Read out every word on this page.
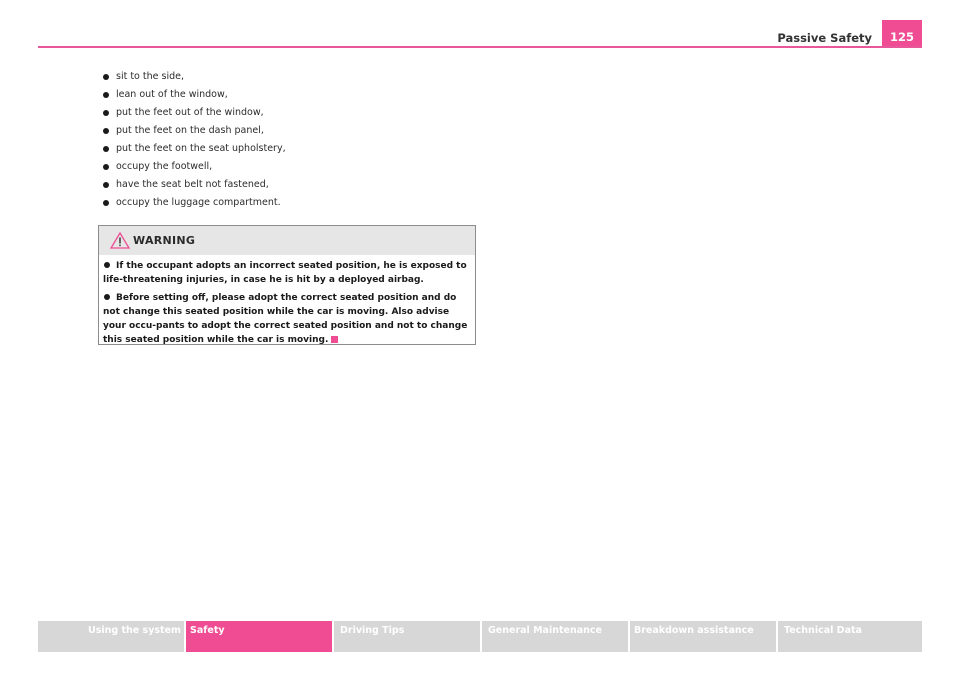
Passive Safety	125
sit to the side,
lean out of the window,
put the feet out of the window,
put the feet on the dash panel,
put the feet on the seat upholstery,
occupy the footwell,
have the seat belt not fastened,
occupy the luggage compartment.
WARNING

If the occupant adopts an incorrect seated position, he is exposed to life-threatening injuries, in case he is hit by a deployed airbag.

Before setting off, please adopt the correct seated position and do not change this seated position while the car is moving. Also advise your occu-pants to adopt the correct seated position and not to change this seated position while the car is moving.

Using the system Safety	Driving Tips	General Maintenance	Breakdown assistance	Technical Data
